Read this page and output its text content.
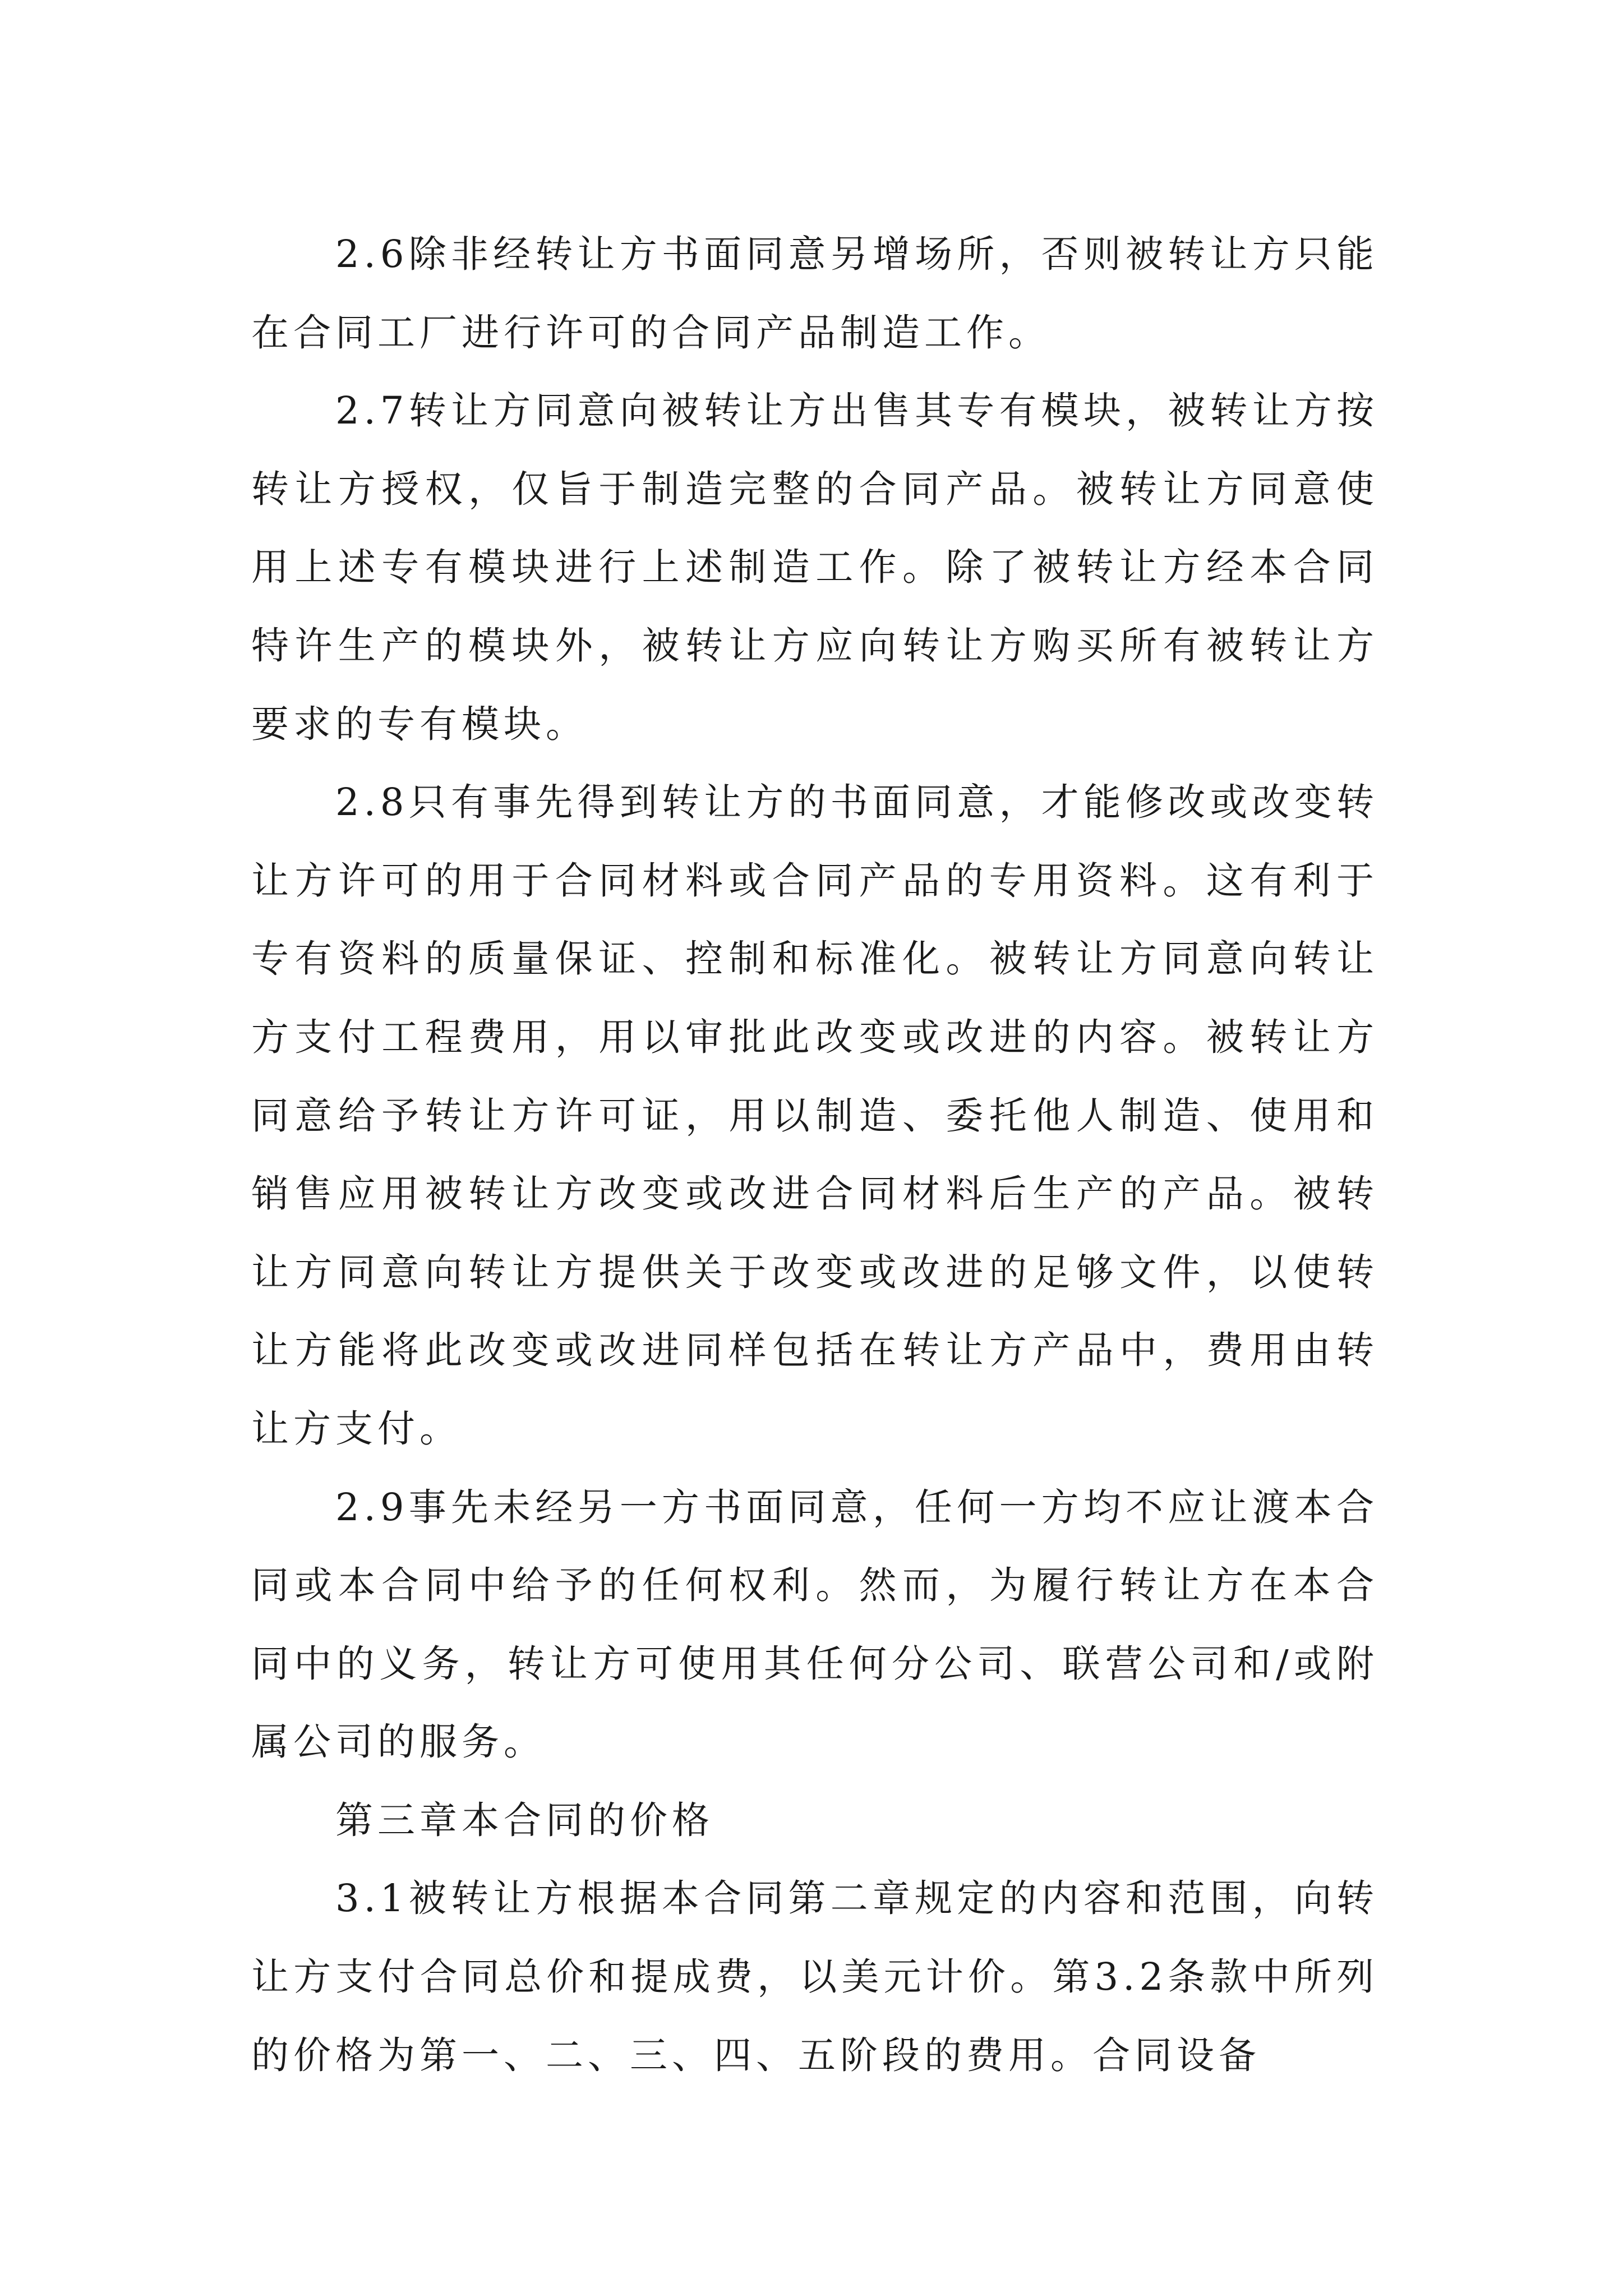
2.6除非经转让方书面同意另增场所，否则被转让方只能在合同工厂进行许可的合同产品制造工作。

2.7转让方同意向被转让方出售其专有模块，被转让方按转让方授权，仅旨于制造完整的合同产品。被转让方同意使用上述专有模块进行上述制造工作。除了被转让方经本合同特许生产的模块外，被转让方应向转让方购买所有被转让方要求的专有模块。

2.8只有事先得到转让方的书面同意，才能修改或改变转让方许可的用于合同材料或合同产品的专用资料。这有利于专有资料的质量保证、控制和标准化。被转让方同意向转让方支付工程费用，用以审批此改变或改进的内容。被转让方同意给予转让方许可证，用以制造、委托他人制造、使用和销售应用被转让方改变或改进合同材料后生产的产品。被转让方同意向转让方提供关于改变或改进的足够文件，以使转让方能将此改变或改进同样包括在转让方产品中，费用由转让方支付。

2.9事先未经另一方书面同意，任何一方均不应让渡本合同或本合同中给予的任何权利。然而，为履行转让方在本合同中的义务，转让方可使用其任何分公司、联营公司和/或附属公司的服务。

第三章本合同的价格

3.1被转让方根据本合同第二章规定的内容和范围，向转让方支付合同总价和提成费，以美元计价。第3.2条款中所列的价格为第一、二、三、四、五阶段的费用。合同设备
